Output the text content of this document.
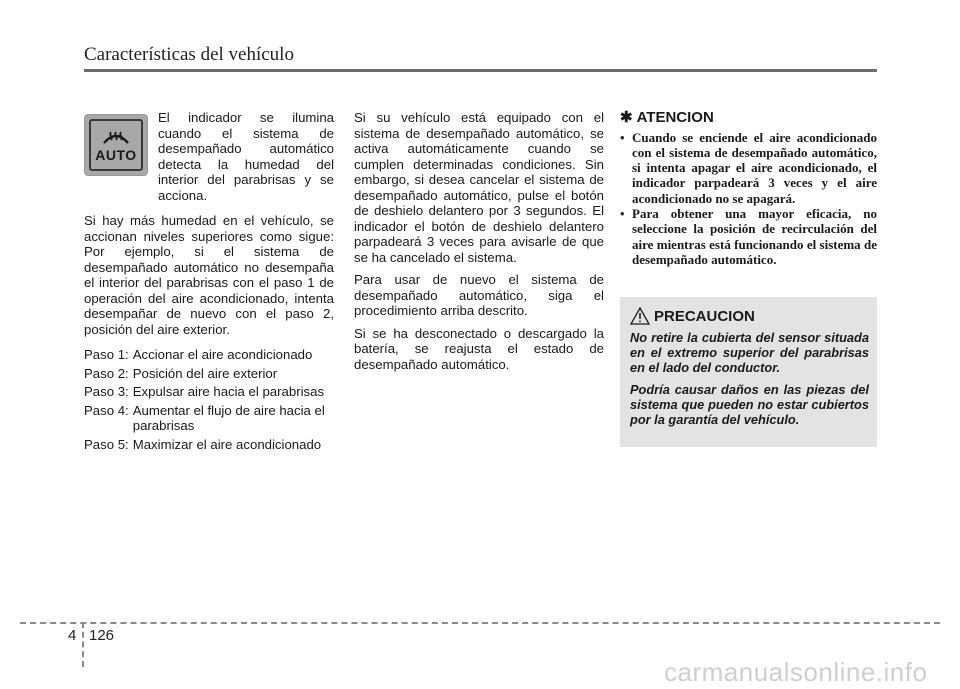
Características del vehículo
AUTO
El indicador se ilumina cuando el sistema de desempañado automático detecta la humedad del interior del parabrisas y se acciona.

Si hay más humedad en el vehículo, se accionan niveles superiores como sigue: Por ejemplo, si el sistema de desempañado automático no desempaña el interior del parabrisas con el paso 1 de operación del aire acondicionado, intenta desempañar de nuevo con el paso 2, posición del aire exterior.

Paso 1: Accionar el aire acondicionado
Paso 2: Posición del aire exterior
Paso 3: Expulsar aire hacia el parabrisas
Paso 4: Aumentar el flujo de aire hacia el parabrisas
Paso 5: Maximizar el aire acondicionado

Si su vehículo está equipado con el sistema de desempañado automático, se activa automáticamente cuando se cumplen determinadas condiciones. Sin embargo, si desea cancelar el sistema de desempañado automático, pulse el botón de deshielo delantero por 3 segundos. El indicador el botón de deshielo delantero parpadeará 3 veces para avisarle de que se ha cancelado el sistema.

Para usar de nuevo el sistema de desempañado automático, siga el procedimiento arriba descrito.

Si se ha desconectado o descargado la batería, se reajusta el estado de desempañado automático.

✱ ATENCION
• Cuando se enciende el aire acondicionado con el sistema de desempañado automático, si intenta apagar el aire acondicionado, el indicador parpadeará 3 veces y el aire acondicionado no se apagará.
• Para obtener una mayor eficacia, no seleccione la posición de recirculación del aire mientras está funcionando el sistema de desempañado automático.
PRECAUCION

No retire la cubierta del sensor situada en el extremo superior del parabrisas en el lado del conductor.

Podría causar daños en las piezas del sistema que pueden no estar cubiertos por la garantía del vehículo.

4 126
carmanualsonline.info
